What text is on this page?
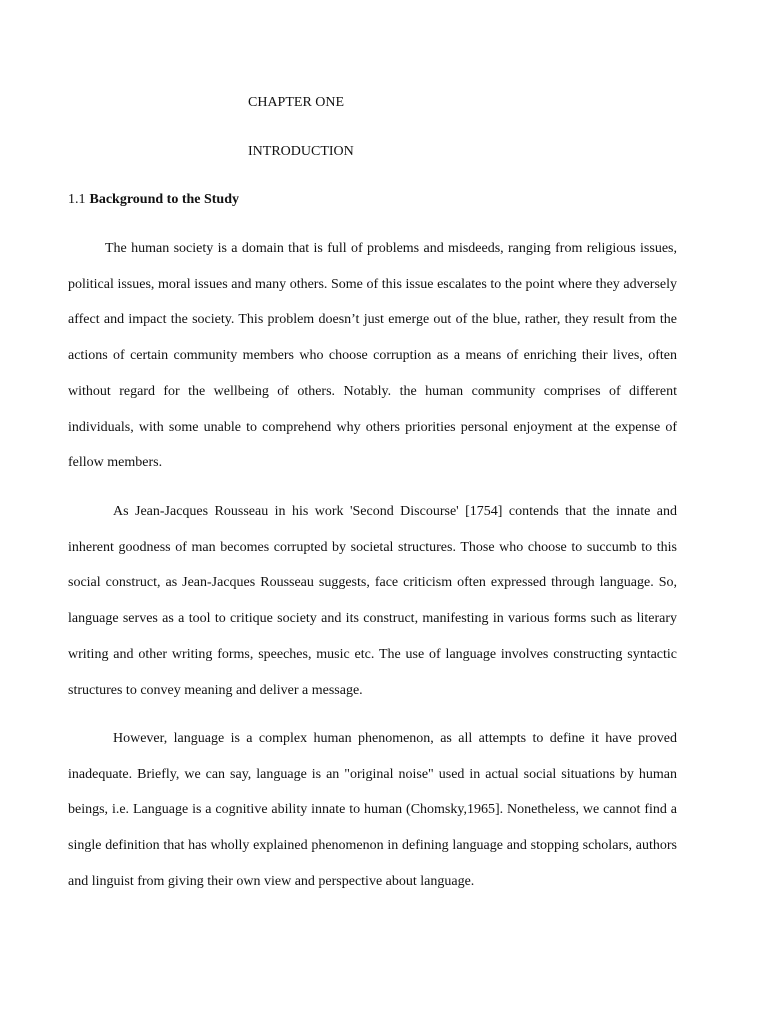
CHAPTER ONE
INTRODUCTION
1.1 Background to the Study

The human society is a domain that is full of problems and misdeeds, ranging from religious issues, political issues, moral issues and many others. Some of this issue escalates to the point where they adversely affect and impact the society. This problem doesn’t just emerge out of the blue, rather, they result from the actions of certain community members who choose corruption as a means of enriching their lives, often without regard for the wellbeing of others. Notably. the human community comprises of different individuals, with some unable to comprehend why others priorities personal enjoyment at the expense of fellow members.

As Jean-Jacques Rousseau in his work 'Second Discourse' [1754] contends that the innate and inherent goodness of man becomes corrupted by societal structures. Those who choose to succumb to this social construct, as Jean-Jacques Rousseau suggests, face criticism often expressed through language. So, language serves as a tool to critique society and its construct, manifesting in various forms such as literary writing and other writing forms, speeches, music etc. The use of language involves constructing syntactic structures to convey meaning and deliver a message.

However, language is a complex human phenomenon, as all attempts to define it have proved inadequate. Briefly, we can say, language is an "original noise" used in actual social situations by human beings, i.e. Language is a cognitive ability innate to human (Chomsky,1965]. Nonetheless, we cannot find a single definition that has wholly explained phenomenon in defining language and stopping scholars, authors and linguist from giving their own view and perspective about language.
